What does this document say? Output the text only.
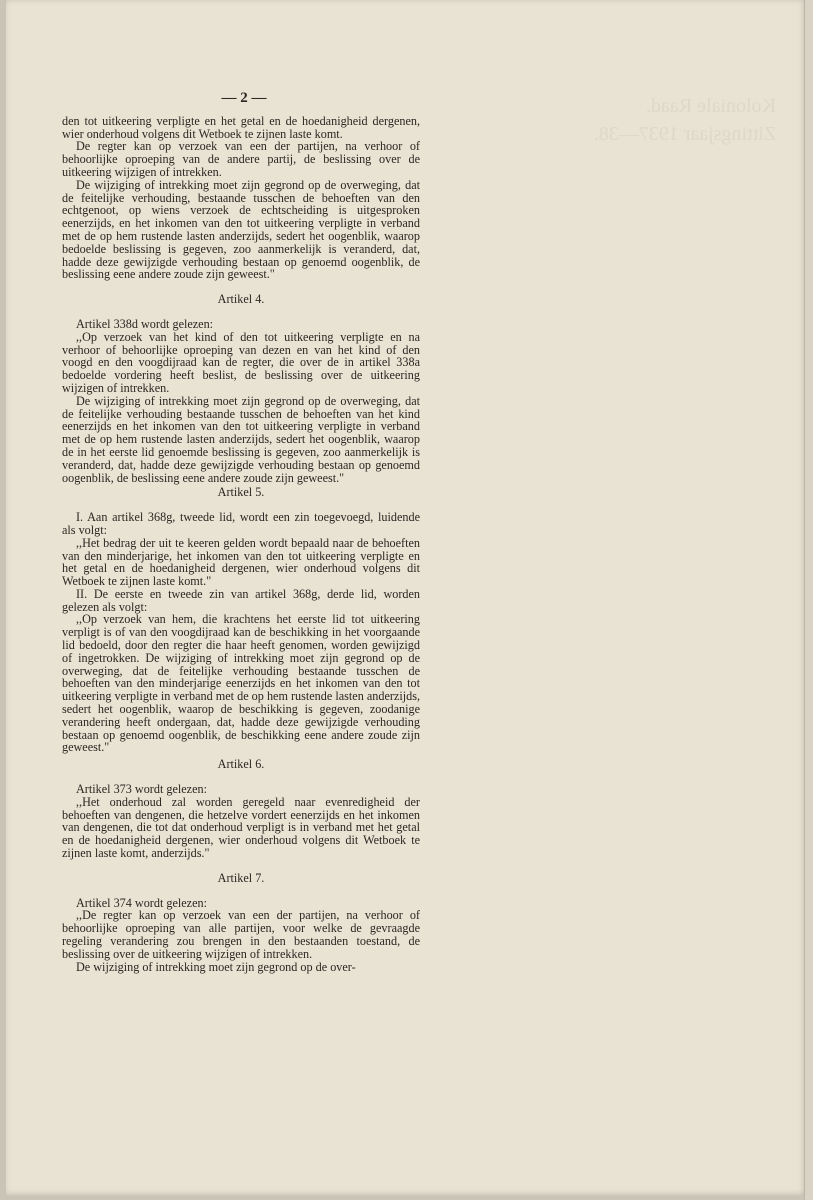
Koloniale Raad.
Zittingsjaar 1937—38.
— 2 —

den tot uitkeering verpligte en het getal en de hoedanigheid dergenen, wier onderhoud volgens dit Wetboek te zijnen laste komt.

De regter kan op verzoek van een der partijen, na verhoor of behoorlijke oproeping van de andere partij, de beslissing over de uitkeering wijzigen of intrekken.

De wijziging of intrekking moet zijn gegrond op de overweging, dat de feitelijke verhouding, bestaande tusschen de behoeften van den echtgenoot, op wiens verzoek de echtscheiding is uitgesproken eenerzijds, en het inkomen van den tot uitkeering verpligte in verband met de op hem rustende lasten anderzijds, sedert het oogenblik, waarop bedoelde beslissing is gegeven, zoo aanmerkelijk is veranderd, dat, hadde deze gewijzigde verhouding bestaan op genoemd oogenblik, de beslissing eene andere zoude zijn geweest."

Artikel 4.

Artikel 338d wordt gelezen:

,,Op verzoek van het kind of den tot uitkeering verpligte en na verhoor of behoorlijke oproeping van dezen en van het kind of den voogd en den voogdijraad kan de regter, die over de in artikel 338a bedoelde vordering heeft beslist, de beslissing over de uitkeering wijzigen of intrekken.

De wijziging of intrekking moet zijn gegrond op de overweging, dat de feitelijke verhouding bestaande tusschen de behoeften van het kind eenerzijds en het inkomen van den tot uitkeering verpligte in verband met de op hem rustende lasten anderzijds, sedert het oogenblik, waarop de in het eerste lid genoemde beslissing is gegeven, zoo aanmerkelijk is veranderd, dat, hadde deze gewijzigde verhouding bestaan op genoemd oogenblik, de beslissing eene andere zoude zijn geweest."

Artikel 5.

I. Aan artikel 368g, tweede lid, wordt een zin toegevoegd, luidende als volgt:

,,Het bedrag der uit te keeren gelden wordt bepaald naar de behoeften van den minderjarige, het inkomen van den tot uitkeering verpligte en het getal en de hoedanigheid dergenen, wier onderhoud volgens dit Wetboek te zijnen laste komt."

II. De eerste en tweede zin van artikel 368g, derde lid, worden gelezen als volgt:

,,Op verzoek van hem, die krachtens het eerste lid tot uitkeering verpligt is of van den voogdijraad kan de beschikking in het voorgaande lid bedoeld, door den regter die haar heeft genomen, worden gewijzigd of ingetrokken. De wijziging of intrekking moet zijn gegrond op de overweging, dat de feitelijke verhouding bestaande tusschen de behoeften van den minderjarige eenerzijds en het inkomen van den tot uitkeering verpligte in verband met de op hem rustende lasten anderzijds, sedert het oogenblik, waarop de beschikking is gegeven, zoodanige verandering heeft ondergaan, dat, hadde deze gewijzigde verhouding bestaan op genoemd oogenblik, de beschikking eene andere zoude zijn geweest."

Artikel 6.

Artikel 373 wordt gelezen:

,,Het onderhoud zal worden geregeld naar evenredigheid der behoeften van dengenen, die hetzelve vordert eenerzijds en het inkomen van dengenen, die tot dat onderhoud verpligt is in verband met het getal en de hoedanigheid dergenen, wier onderhoud volgens dit Wetboek te zijnen laste komt, anderzijds."

Artikel 7.

Artikel 374 wordt gelezen:

,,De regter kan op verzoek van een der partijen, na verhoor of behoorlijke oproeping van alle partijen, voor welke de gevraagde regeling verandering zou brengen in den bestaanden toestand, de beslissing over de uitkeering wijzigen of intrekken.

De wijziging of intrekking moet zijn gegrond op de over-
